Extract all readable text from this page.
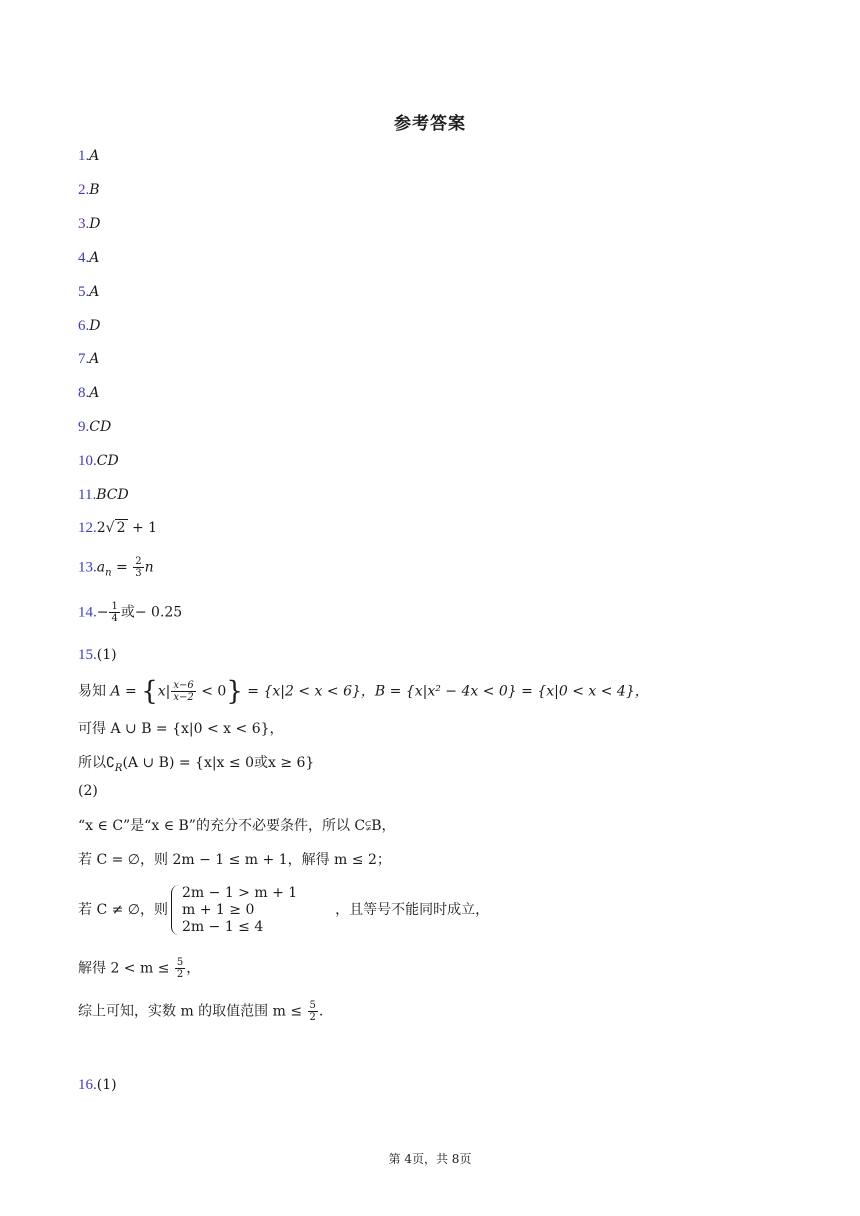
参考答案
1.A
2.B
3.D
4.A
5.A
6.D
7.A
8.A
9.CD
10.CD
11.BCD
12.2√ 2 + 1
$13.a_n = \frac{2}{3}$ n
$14.- \frac{1}{4}$ 或− 0.25
15.(1)
易知 $A = \{x| \frac{x-6}{x-2} < 0\} = \{x|2 < x < 6\}$，B = {x|x² − 4x < 0} = {x|0 < x < 4}，
可得 A ∪ B = {x|0 < x < 6}，
所以$∁_R(A$ ∪ B) = {x|x ≤ 0或x ≥ 6}
(2)
“x ∈ C”是“x ∈ B”的充分不必要条件，所以 C⫋B，
若 C = ∅，则 2m − 1 ≤ m + 1，解得 m ≤ 2；
若 C ≠ ∅，则
2m − 1 > m + 1
m + 1 ≥ 0
2m − 1 ≤ 4
，且等号不能同时成立，
解得 $2 < m \le \frac{5}{2}$ ，
综上可知，实数 m 的取值范围 $m \le \frac{5}{2}$ .
16.(1)
第 4页，共 8页
